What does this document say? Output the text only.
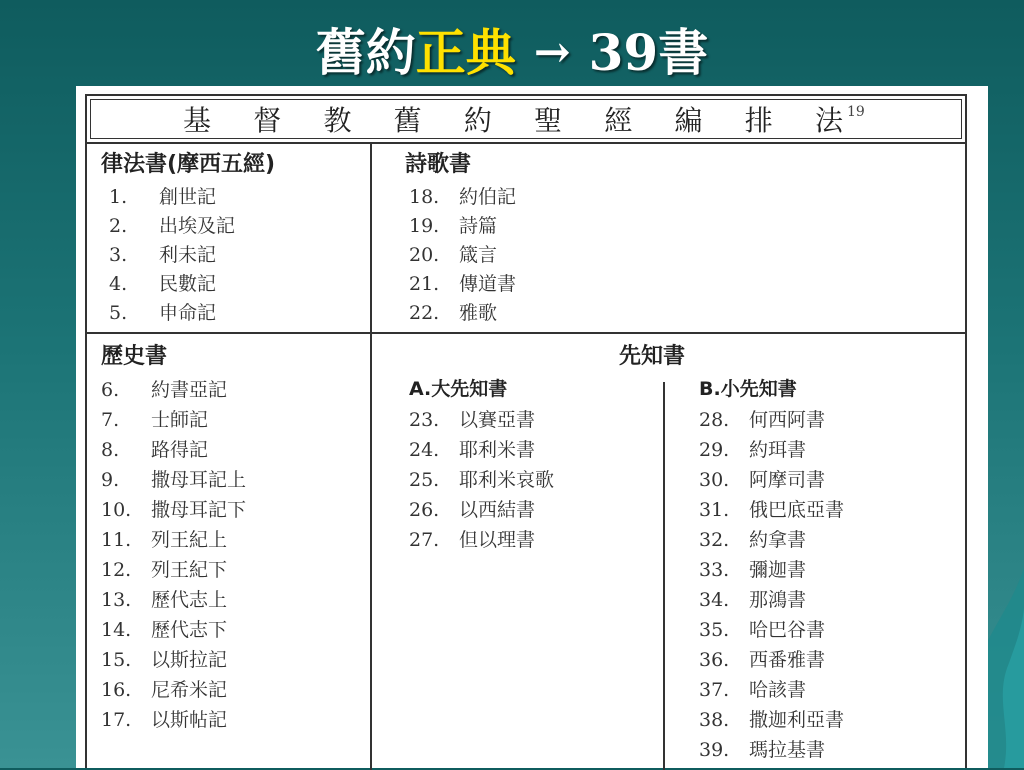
舊約正典 → 39書
基 督 教 舊 約 聖 經 編 排 法 19
律法書(摩西五經)	詩歌書
歷史書	先知書
A.大先知書	B.小先知書
1. 創世記
2. 出埃及記
3. 利未記
4. 民數記
5. 申命記
18. 約伯記
19. 詩篇
20. 箴言
21. 傳道書
22. 雅歌
6. 約書亞記
7. 士師記
8. 路得記
9. 撒母耳記上
10. 撒母耳記下
11. 列王紀上
12. 列王紀下
13. 歷代志上
14. 歷代志下
15. 以斯拉記
16. 尼希米記
17. 以斯帖記
23. 以賽亞書
24. 耶利米書
25. 耶利米哀歌
26. 以西結書
27. 但以理書
28. 何西阿書
29. 約珥書
30. 阿摩司書
31. 俄巴底亞書
32. 約拿書
33. 彌迦書
34. 那鴻書
35. 哈巴谷書
36. 西番雅書
37. 哈該書
38. 撒迦利亞書
39. 瑪拉基書
